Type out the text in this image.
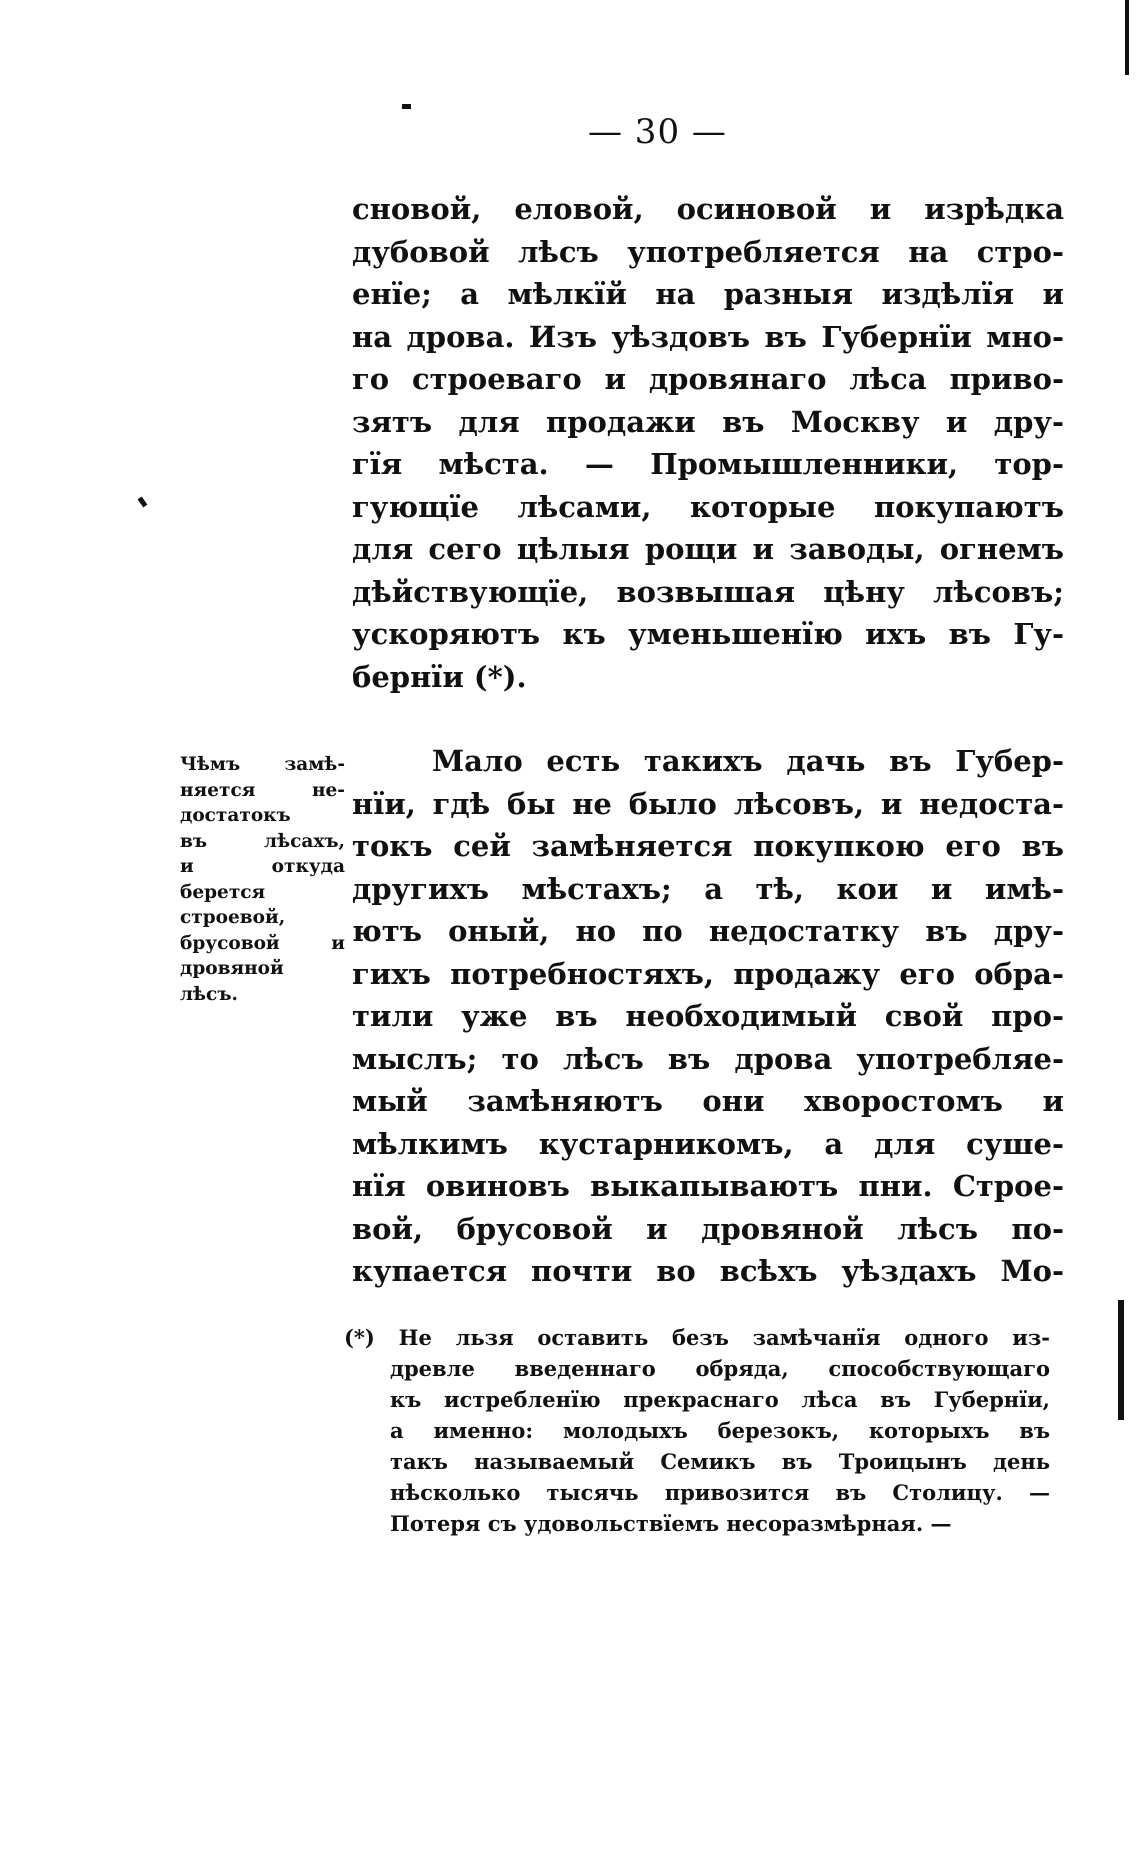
— 30 —
сновой, еловой, осиновой и изрѣдка
дубовой лѣсъ употребляется на стро-
енїе; а мѣлкїй на разныя издѣлїя и
на дрова. Изъ уѣздовъ въ Губернїи мно-
го строеваго и дровянаго лѣса приво-
зятъ для продажи въ Москву и дру-
гїя мѣста. — Промышленники, тор-
гующїе лѣсами, которые покупаютъ
для сего цѣлыя рощи и заводы, огнемъ
дѣйствующїе, возвышая цѣну лѣсовъ;
ускоряютъ къ уменьшенїю ихъ въ Гу-
бернїи (*).
Чѣмъ замѣ-
няется не-
достатокъ
въ лѣсахъ,
и откуда
берется
строевой,
брусовой и
дровяной
лѣсъ.
Мало есть такихъ дачь въ Губер-
нїи, гдѣ бы не было лѣсовъ, и недоста-
токъ сей замѣняется покупкою его въ
другихъ мѣстахъ; а тѣ, кои и имѣ-
ютъ оный, но по недостатку въ дру-
гихъ потребностяхъ, продажу его обра-
тили уже въ необходимый свой про-
мыслъ; то лѣсъ въ дрова употребляе-
мый замѣняютъ они хворостомъ и
мѣлкимъ кустарникомъ, а для суше-
нїя овиновъ выкапываютъ пни. Строе-
вой, брусовой и дровяной лѣсъ по-
купается почти во всѣхъ уѣздахъ Мо-
(*) Не льзя оставить безъ замѣчанїя одного из-
древле введеннаго обряда, способствующаго
къ истребленїю прекраснаго лѣса въ Губернїи,
а именно: молодыхъ березокъ, которыхъ въ
такъ называемый Семикъ въ Троицынъ день
нѣсколько тысячь привозится въ Столицу. —
Потеря съ удовольствїемъ несоразмѣрная. —
